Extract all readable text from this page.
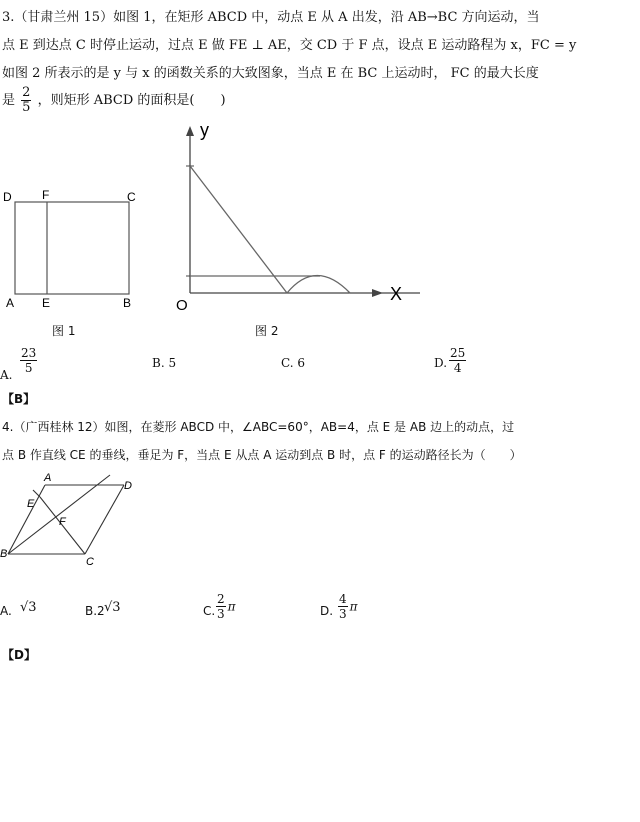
3.（甘肃兰州 15）如图 1，在矩形 ABCD 中，动点 E 从 A 出发，沿 AB→BC 方向运动，当
点 E 到达点 C 时停止运动，过点 E 做 FE ⊥ AE，交 CD 于 F 点，设点 E 运动路程为 x，FC = y
如图 2 所表示的是 y 与 x 的函数关系的大致图象，当点 E 在 BC 上运动时， FC 的最大长度
是 $\frac{2}{5}$ ，则矩形 ABCD 的面积是(　　)
D	F	C
A E	B
图 1
y
O
X
图 2
A. $\frac{23}{5}$	B. 5	C. 6	D. $\frac{25}{4}$
【B】
4.（广西桂林 12）如图，在菱形 ABCD 中，∠ABC=60°，AB=4，点 E 是 AB 边上的动点，过
点 B 作直线 CE 的垂线，垂足为 F，当点 E 从点 A 运动到点 B 时，点 F 的运动路径长为（　　）
A
D
E
F
B
C
A. √3	B.2 √3	C. $\frac{2}{3}$ π	D. $\frac{4}{3}$ π
【D】
